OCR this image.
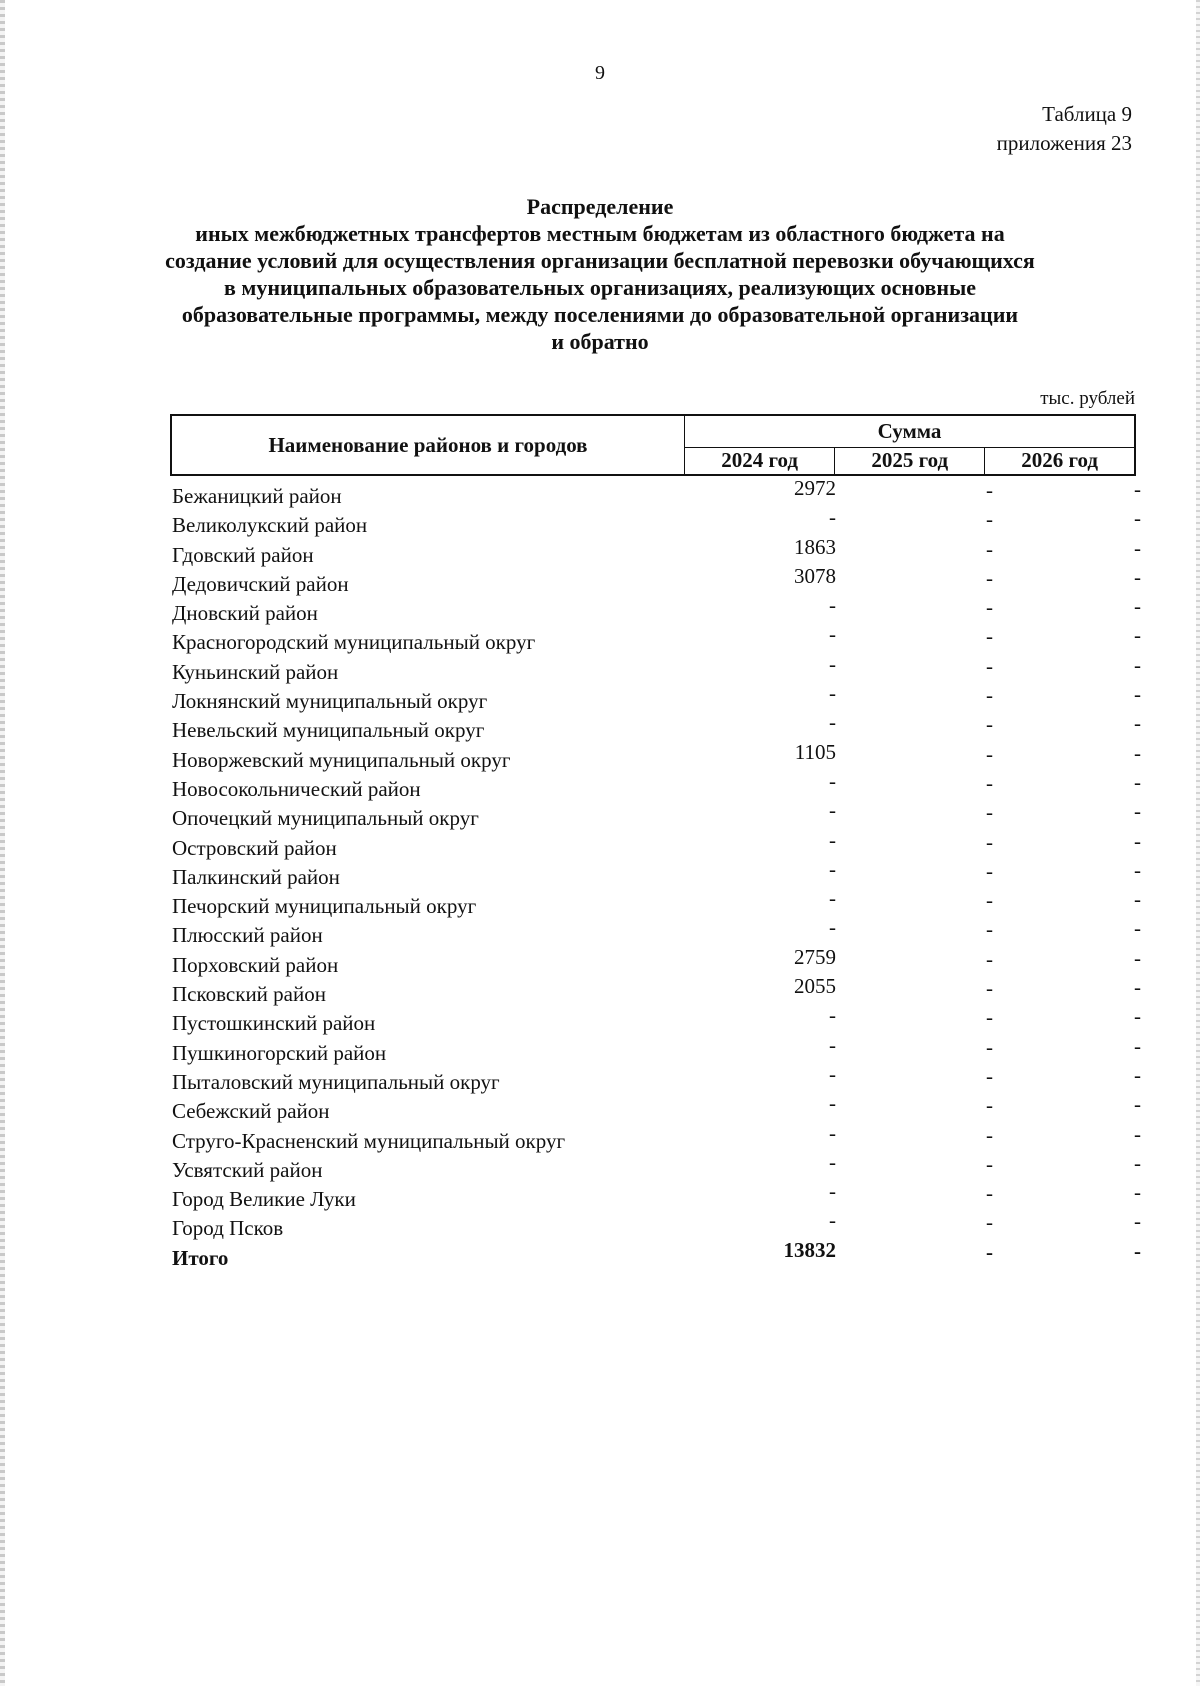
9
Таблица 9
приложения 23
Распределение
иных межбюджетных трансфертов местным бюджетам из областного бюджета на
создание условий для осуществления организации бесплатной перевозки обучающихся
в муниципальных образовательных организациях, реализующих основные
образовательные программы, между поселениями до образовательной организации
и обратно
тыс. рублей
Наименование районов и городов	Сумма		
	2024 год	2025 год	2026 год
Бежаницкий район	2972	-	-
Великолукский район	-	-	-
Гдовский район	1863	-	-
Дедовичский район	3078	-	-
Дновский район	-	-	-
Красногородский муниципальный округ	-	-	-
Куньинский район	-	-	-
Локнянский муниципальный округ	-	-	-
Невельский муниципальный округ	-	-	-
Новоржевский муниципальный округ	1105	-	-
Новосокольнический район	-	-	-
Опочецкий муниципальный округ	-	-	-
Островский район	-	-	-
Палкинский район	-	-	-
Печорский муниципальный округ	-	-	-
Плюсский район	-	-	-
Порховский район	2759	-	-
Псковский район	2055	-	-
Пустошкинский район	-	-	-
Пушкиногорский район	-	-	-
Пыталовский муниципальный округ	-	-	-
Себежский район	-	-	-
Струго-Красненский муниципальный округ	-	-	-
Усвятский район	-	-	-
Город Великие Луки	-	-	-
Город Псков	-	-	-
Итого	13832	-	-
